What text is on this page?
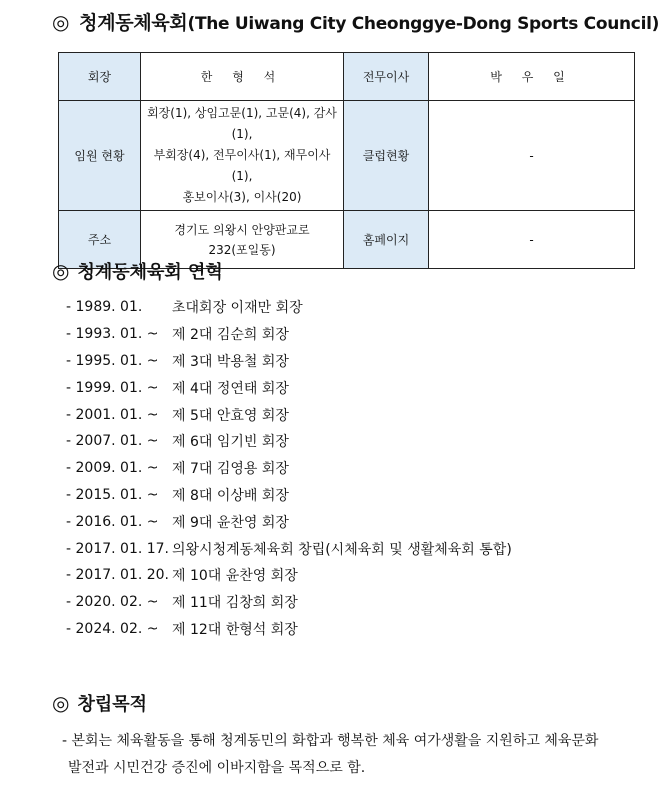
◎ 청계동체육회 (The Uiwang City Cheonggye-Dong Sports Council)
회장	한 형 석	전무이사	박 우 일
임원 현황	회장(1), 상임고문(1), 고문(4), 감사(1),
부회장(4), 전무이사(1), 재무이사(1),
홍보이사(3), 이사(20)	클럽현황	-
주소	경기도 의왕시 안양판교로
232(포일동)	홈페이지	-
◎ 청계동체육회 연혁
- 1989. 01.	초대회장 이재만 회장
- 1993. 01. ~ 제 2대 김순희 회장
- 1995. 01. ~ 제 3대 박용철 회장
- 1999. 01. ~ 제 4대 정연태 회장
- 2001. 01. ~ 제 5대 안효영 회장
- 2007. 01. ~ 제 6대 임기빈 회장
- 2009. 01. ~ 제 7대 김영용 회장
- 2015. 01. ~ 제 8대 이상배 회장
- 2016. 01. ~ 제 9대 윤찬영 회장
- 2017. 01. 17. 의왕시청계동체육회 창립(시체육회 및 생활체육회 통합)
- 2017. 01. 20. 제 10대 윤찬영 회장
- 2020. 02. ~ 제 11대 김창희 회장
- 2024. 02. ~ 제 12대 한형석 회장
◎ 창립목적
- 본회는 체육활동을 통해 청계동민의 화합과 행복한 체육 여가생활을 지원하고 체육문화
발전과 시민건강 증진에 이바지함을 목적으로 함.
